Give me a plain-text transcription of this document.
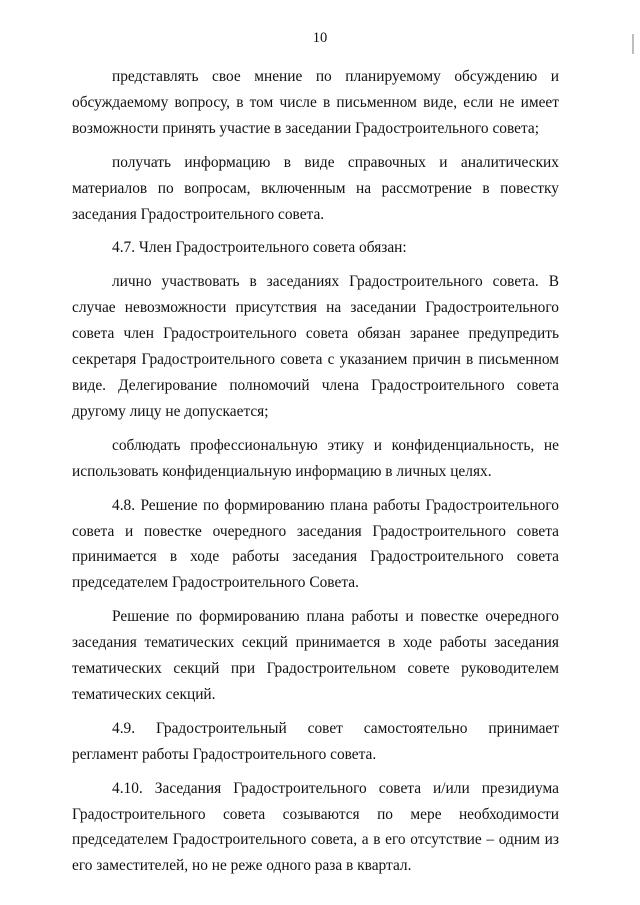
10

представлять свое мнение по планируемому обсуждению и обсуждаемому вопросу, в том числе в письменном виде, если не имеет возможности принять участие в заседании Градостроительного совета;

получать информацию в виде справочных и аналитических материалов по вопросам, включенным на рассмотрение в повестку заседания Градостроительного совета.

4.7. Член Градостроительного совета обязан:

лично участвовать в заседаниях Градостроительного совета. В случае невозможности присутствия на заседании Градостроительного совета член Градостроительного совета обязан заранее предупредить секретаря Градостроительного совета с указанием причин в письменном виде. Делегирование полномочий члена Градостроительного совета другому лицу не допускается;

соблюдать профессиональную этику и конфиденциальность, не использовать конфиденциальную информацию в личных целях.

4.8. Решение по формированию плана работы Градостроительного совета и повестке очередного заседания Градостроительного совета принимается в ходе работы заседания Градостроительного совета председателем Градостроительного Совета.

Решение по формированию плана работы и повестке очередного заседания тематических секций принимается в ходе работы заседания тематических секций при Градостроительном совете руководителем тематических секций.

4.9. Градостроительный совет самостоятельно принимает регламент работы Градостроительного совета.

4.10. Заседания Градостроительного совета и/или президиума Градостроительного совета созываются по мере необходимости председателем Градостроительного совета, а в его отсутствие – одним из его заместителей, но не реже одного раза в квартал.
